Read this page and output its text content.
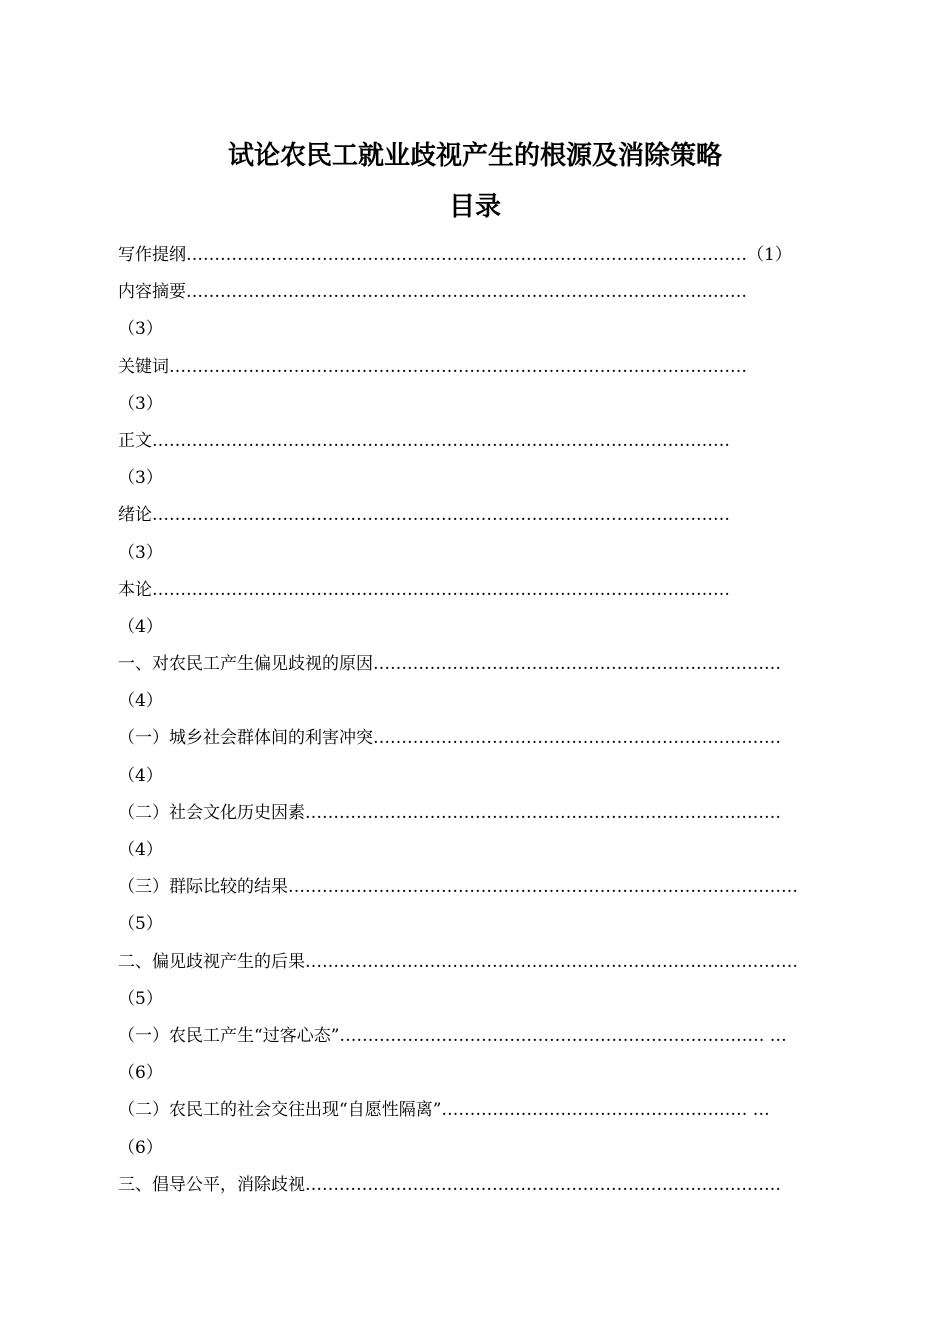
试论农民工就业歧视产生的根源及消除策略
目录
写作提纲………………………………………………………………………………………（1）
内容摘要………………………………………………………………………………………
（3）
关键词…………………………………………………………………………………………
（3）
正文…………………………………………………………………………………………
（3）
绪论…………………………………………………………………………………………
（3）
本论…………………………………………………………………………………………
（4）
一、对农民工产生偏见歧视的原因………………………………………………………………
（4）
（一）城乡社会群体间的利害冲突………………………………………………………………
（4）
（二）社会文化历史因素…………………………………………………………………………
（4）
（三）群际比较的结果………………………………………………………………………………
（5）
二、偏见歧视产生的后果……………………………………………………………………………
（5）
（一）农民工产生“过客心态”………………………………………………………………… …
（6）
（二）农民工的社会交往出现“自愿性隔离”……………………………………………… …
（6）
三、倡导公平，消除歧视…………………………………………………………………………
